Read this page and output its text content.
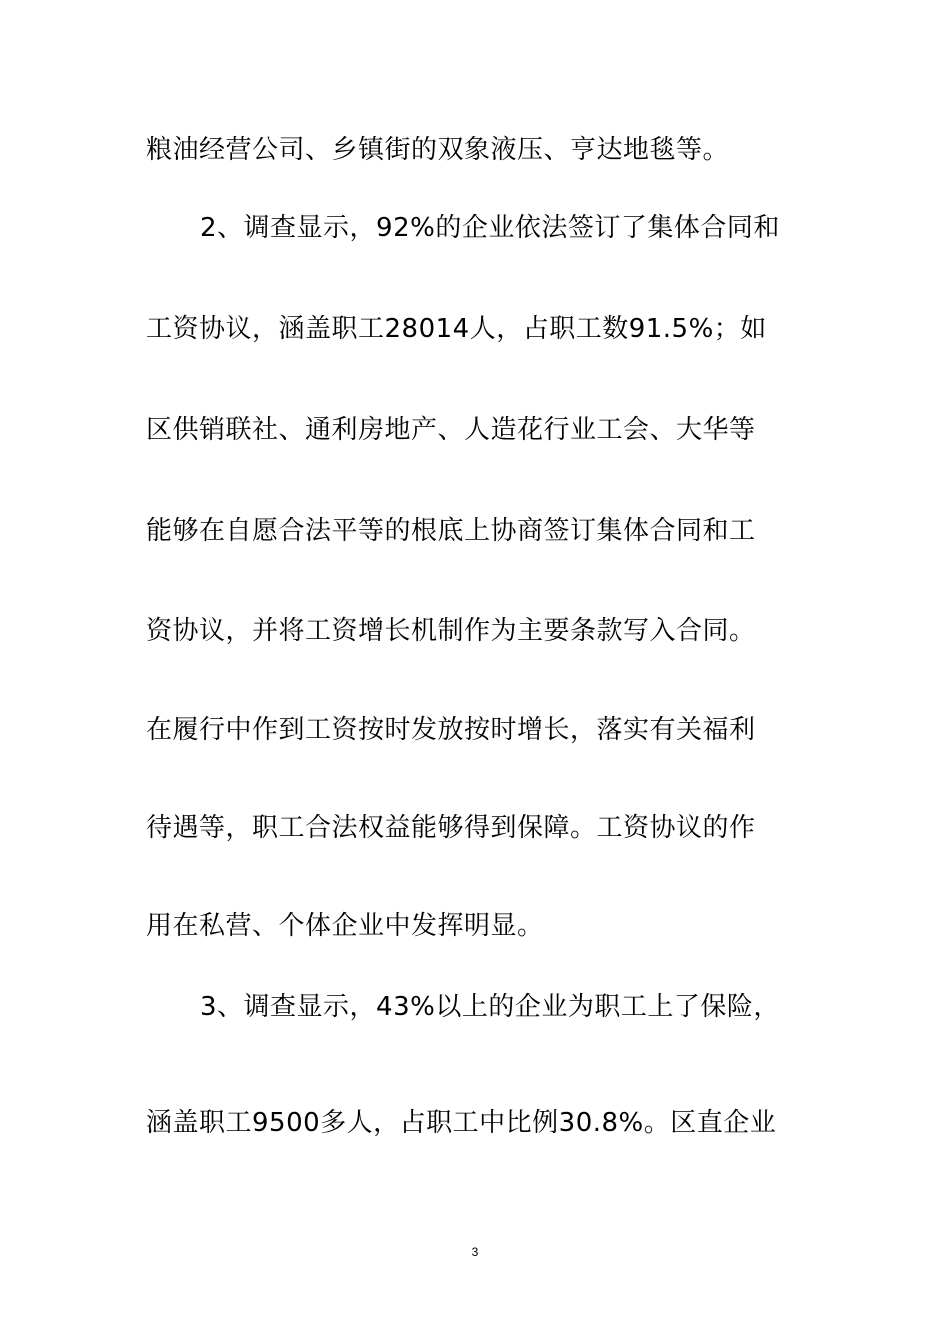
粮油经营公司、乡镇街的双象液压、亨达地毯等。
2、调查显示，92%的企业依法签订了集体合同和
工资协议，涵盖职工28014人，占职工数91.5%；如
区供销联社、通利房地产、人造花行业工会、大华等
能够在自愿合法平等的根底上协商签订集体合同和工
资协议，并将工资增长机制作为主要条款写入合同。
在履行中作到工资按时发放按时增长，落实有关福利
待遇等，职工合法权益能够得到保障。工资协议的作
用在私营、个体企业中发挥明显。
3、调查显示，43%以上的企业为职工上了保险，
涵盖职工9500多人，占职工中比例30.8%。区直企业
3
